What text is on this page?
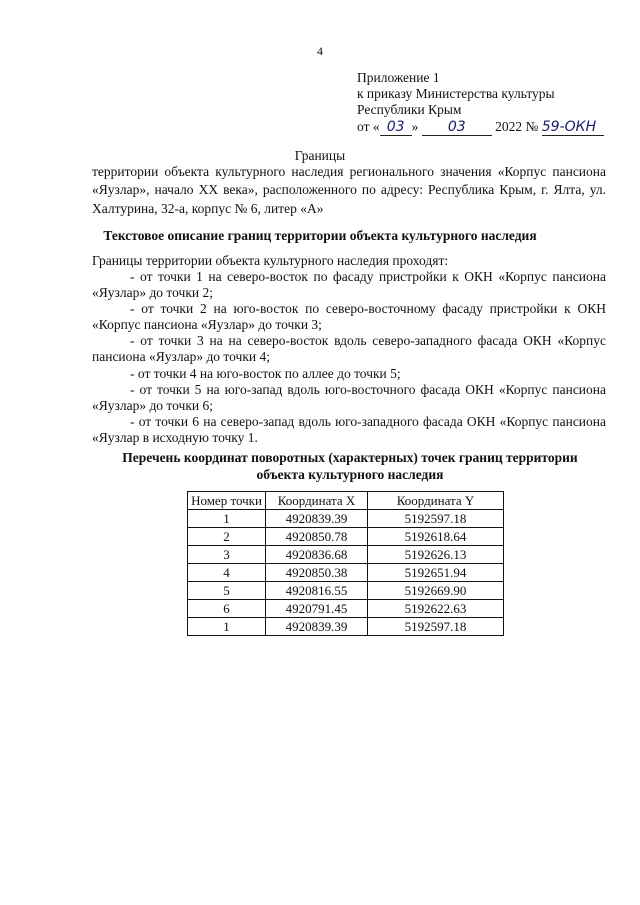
4
Приложение 1
к приказу Министерства культуры
Республики Крым
от « 03 » 03 2022 № 59-ОКН
Границы
территории объекта культурного наследия регионального значения «Корпус пансиона «Яузлар», начало XX века», расположенного по адресу: Республика Крым, г. Ялта, ул. Халтурина, 32-а, корпус № 6, литер «А»
Текстовое описание границ территории объекта культурного наследия
Границы территории объекта культурного наследия проходят:

- от точки 1 на северо-восток по фасаду пристройки к ОКН «Корпус пансиона «Яузлар» до точки 2;

- от точки 2 на юго-восток по северо-восточному фасаду пристройки к ОКН «Корпус пансиона «Яузлар» до точки 3;

- от точки 3 на на северо-восток вдоль северо-западного фасада ОКН «Корпус пансиона «Яузлар» до точки 4;

- от точки 4 на юго-восток по аллее до точки 5;

- от точки 5 на юго-запад вдоль юго-восточного фасада ОКН «Корпус пансиона «Яузлар» до точки 6;

- от точки 6 на северо-запад вдоль юго-западного фасада ОКН «Корпус пансиона «Яузлар в исходную точку 1.

Перечень координат поворотных (характерных) точек границ территории объекта культурного наследия
Номер точки	Координата X	Координата Y
1	4920839.39	5192597.18
2	4920850.78	5192618.64
3	4920836.68	5192626.13
4	4920850.38	5192651.94
5	4920816.55	5192669.90
6	4920791.45	5192622.63
1	4920839.39	5192597.18
